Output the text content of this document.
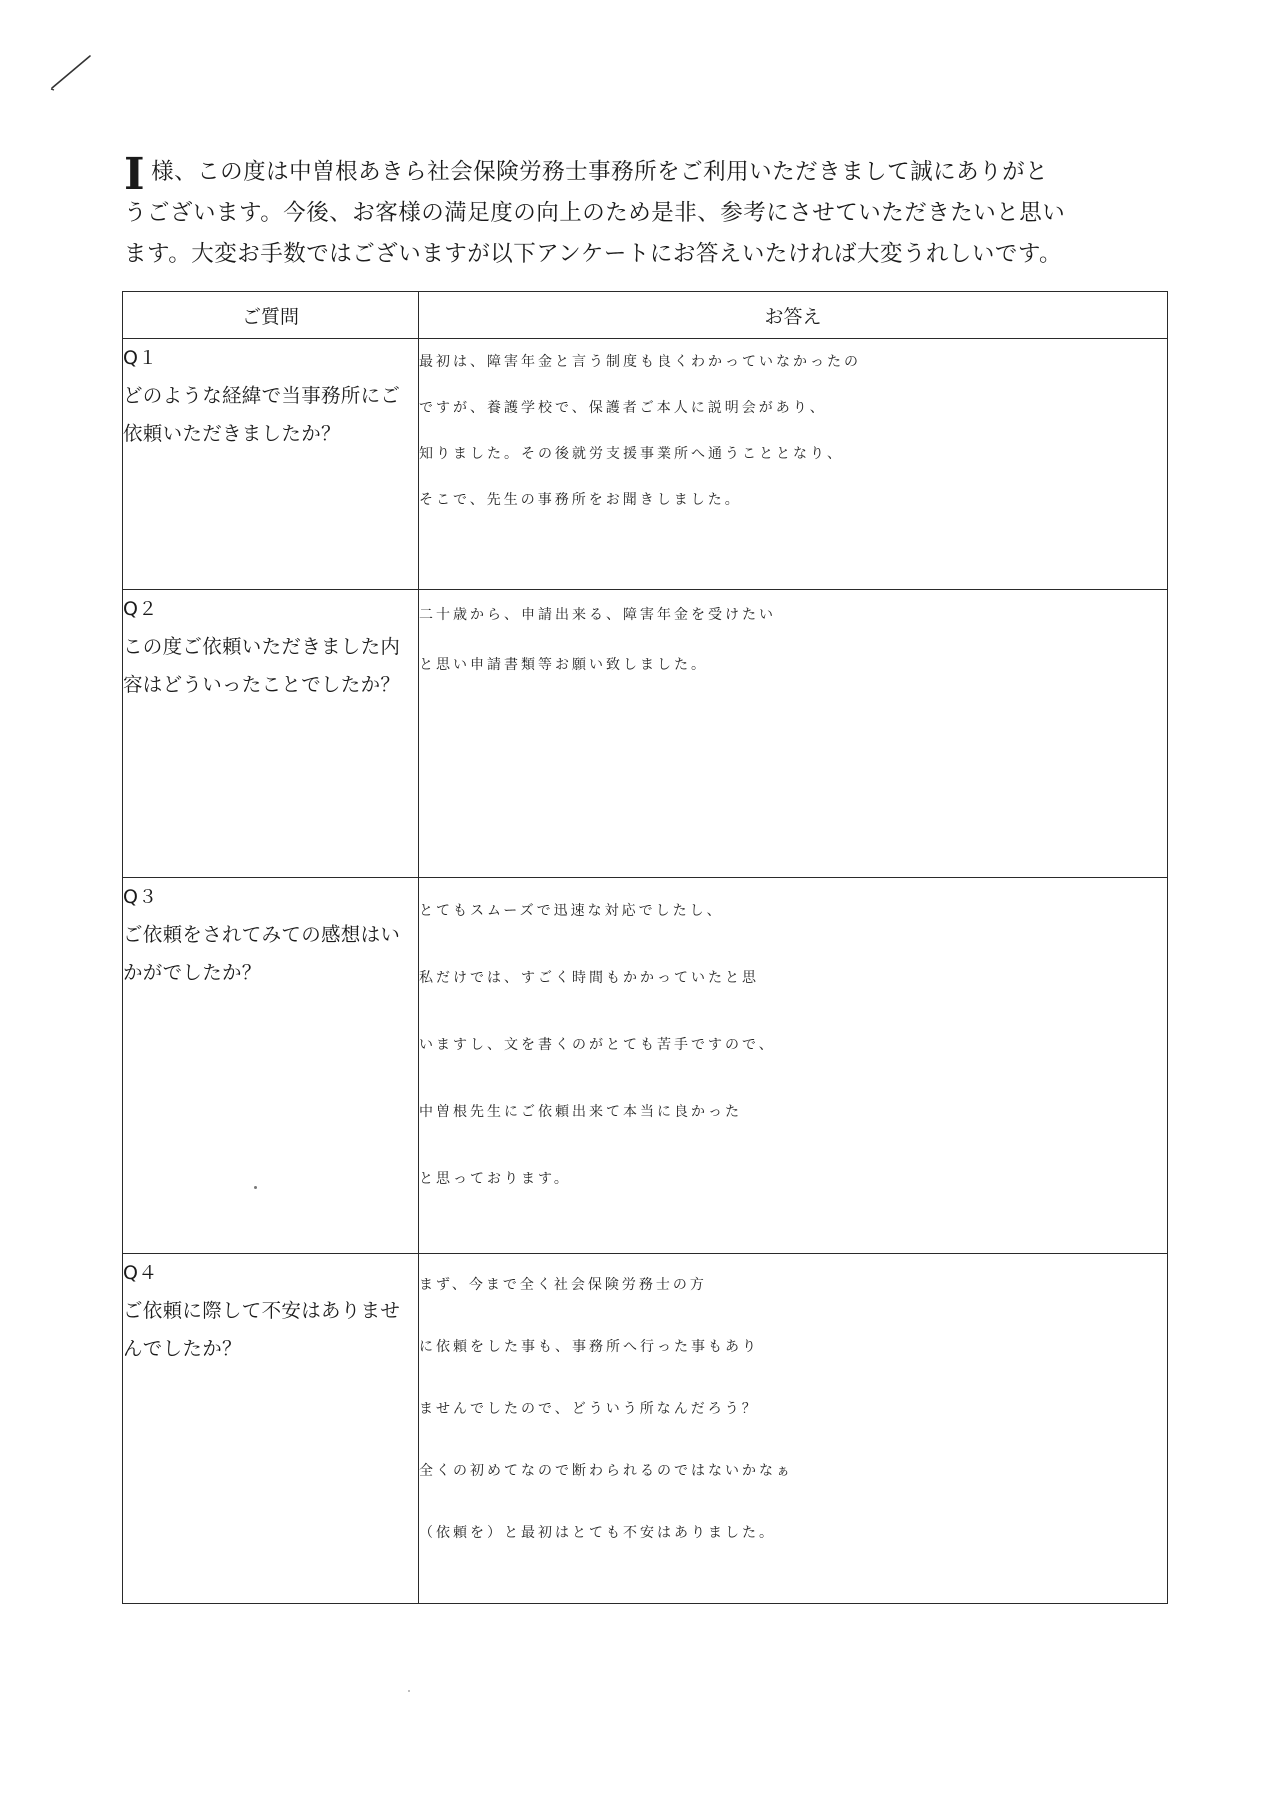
I様、この度は中曽根あきら社会保険労務士事務所をご利用いただきまして誠にありがと
うございます。今後、お客様の満足度の向上のため是非、参考にさせていただきたいと思い
ます。大変お手数ではございますが以下アンケートにお答えいたければ大変うれしいです。
ご質問	お答え

Q１
どのような経緯で当事務所にご依頼いただきましたか？	最初は、障害年金と言う制度も良くわかっていなかったの
ですが、養護学校で、保護者ご本人に説明会があり、
知りました。その後就労支援事業所へ通うこととなり、
そこで、先生の事務所をお聞きしました。

Q２
この度ご依頼いただきました内容はどういったことでしたか？	二十歳から、申請出来る、障害年金を受けたい
と思い申請書類等お願い致しました。

Q３
ご依頼をされてみての感想はいかがでしたか？	とてもスムーズで迅速な対応でしたし、
私だけでは、すごく時間もかかっていたと思
いますし、文を書くのがとても苦手ですので、
中曽根先生にご依頼出来て本当に良かった
と思っております。

Q４
ご依頼に際して不安はありませんでしたか？	まず、今まで全く社会保険労務士の方
に依頼をした事も、事務所へ行った事もあり
ませんでしたので、どういう所なんだろう？
全くの初めてなので断わられるのではないかなぁ
（依頼を）と最初はとても不安はありました。
